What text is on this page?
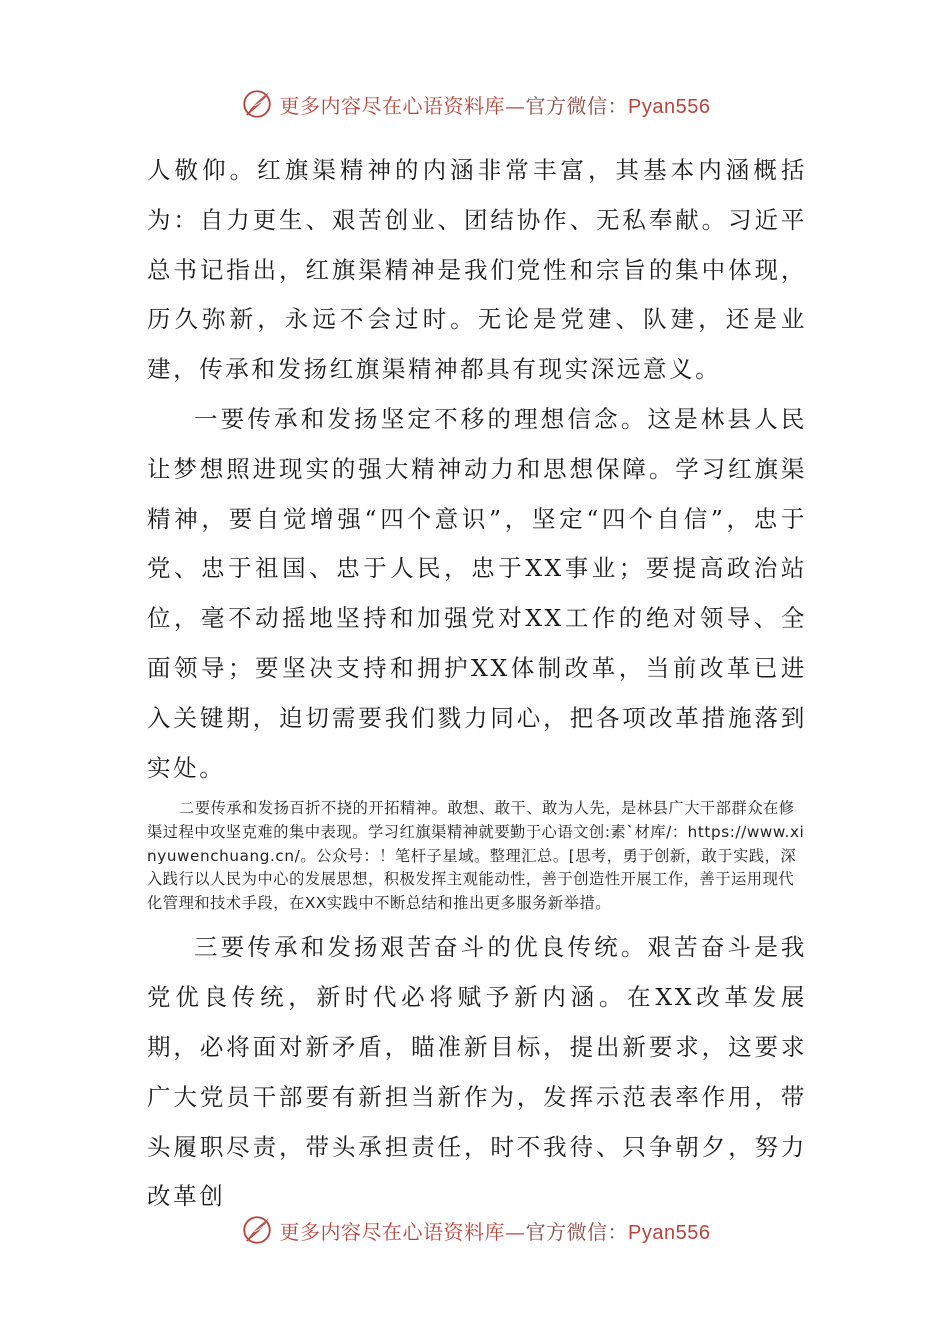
更多内容尽在心语资料库—官方微信：Pyan556

人敬仰。红旗渠精神的内涵非常丰富，其基本内涵概括为：自力更生、艰苦创业、团结协作、无私奉献。习近平总书记指出，红旗渠精神是我们党性和宗旨的集中体现，历久弥新，永远不会过时。无论是党建、队建，还是业建，传承和发扬红旗渠精神都具有现实深远意义。

一要传承和发扬坚定不移的理想信念。这是林县人民让梦想照进现实的强大精神动力和思想保障。学习红旗渠精神，要自觉增强“四个意识”，坚定“四个自信”，忠于党、忠于祖国、忠于人民，忠于XX事业；要提高政治站位，毫不动摇地坚持和加强党对XX工作的绝对领导、全面领导；要坚决支持和拥护XX体制改革，当前改革已进入关键期，迫切需要我们戮力同心，把各项改革措施落到实处。

二要传承和发扬百折不挠的开拓精神。敢想、敢干、敢为人先，是林县广大干部群众在修渠过程中攻坚克难的集中表现。学习红旗渠精神就要勤于心语文创:素`材库/：https://www.xinyuwenchuang.cn/。公众号：！笔杆子星域。整理汇总。[思考，勇于创新，敢于实践，深入践行以人民为中心的发展思想，积极发挥主观能动性，善于创造性开展工作，善于运用现代化管理和技术手段，在XX实践中不断总结和推出更多服务新举措。

三要传承和发扬艰苦奋斗的优良传统。艰苦奋斗是我党优良传统，新时代必将赋予新内涵。在XX改革发展期，必将面对新矛盾，瞄准新目标，提出新要求，这要求广大党员干部要有新担当新作为，发挥示范表率作用，带头履职尽责，带头承担责任，时不我待、只争朝夕，努力改革创

更多内容尽在心语资料库—官方微信：Pyan556
